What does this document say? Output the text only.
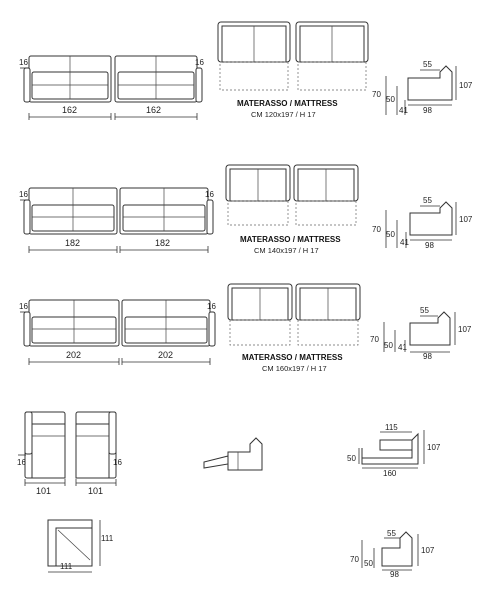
16	16
162	162
MATERASSO / MATTRESS
CM 120x197 / H 17
55
107
70
50
41 98
16	16
182	182	MATERASSO / MATTRESS
CM 140x197 / H 17
55
107
70
50
41 98
16	16
202	202	MATERASSO / MATTRESS
CM 160x197 / H 17
55
107
70
50 41
98
16	16
101	101
115
107
50
160
111
111
55
107
70 50
98
